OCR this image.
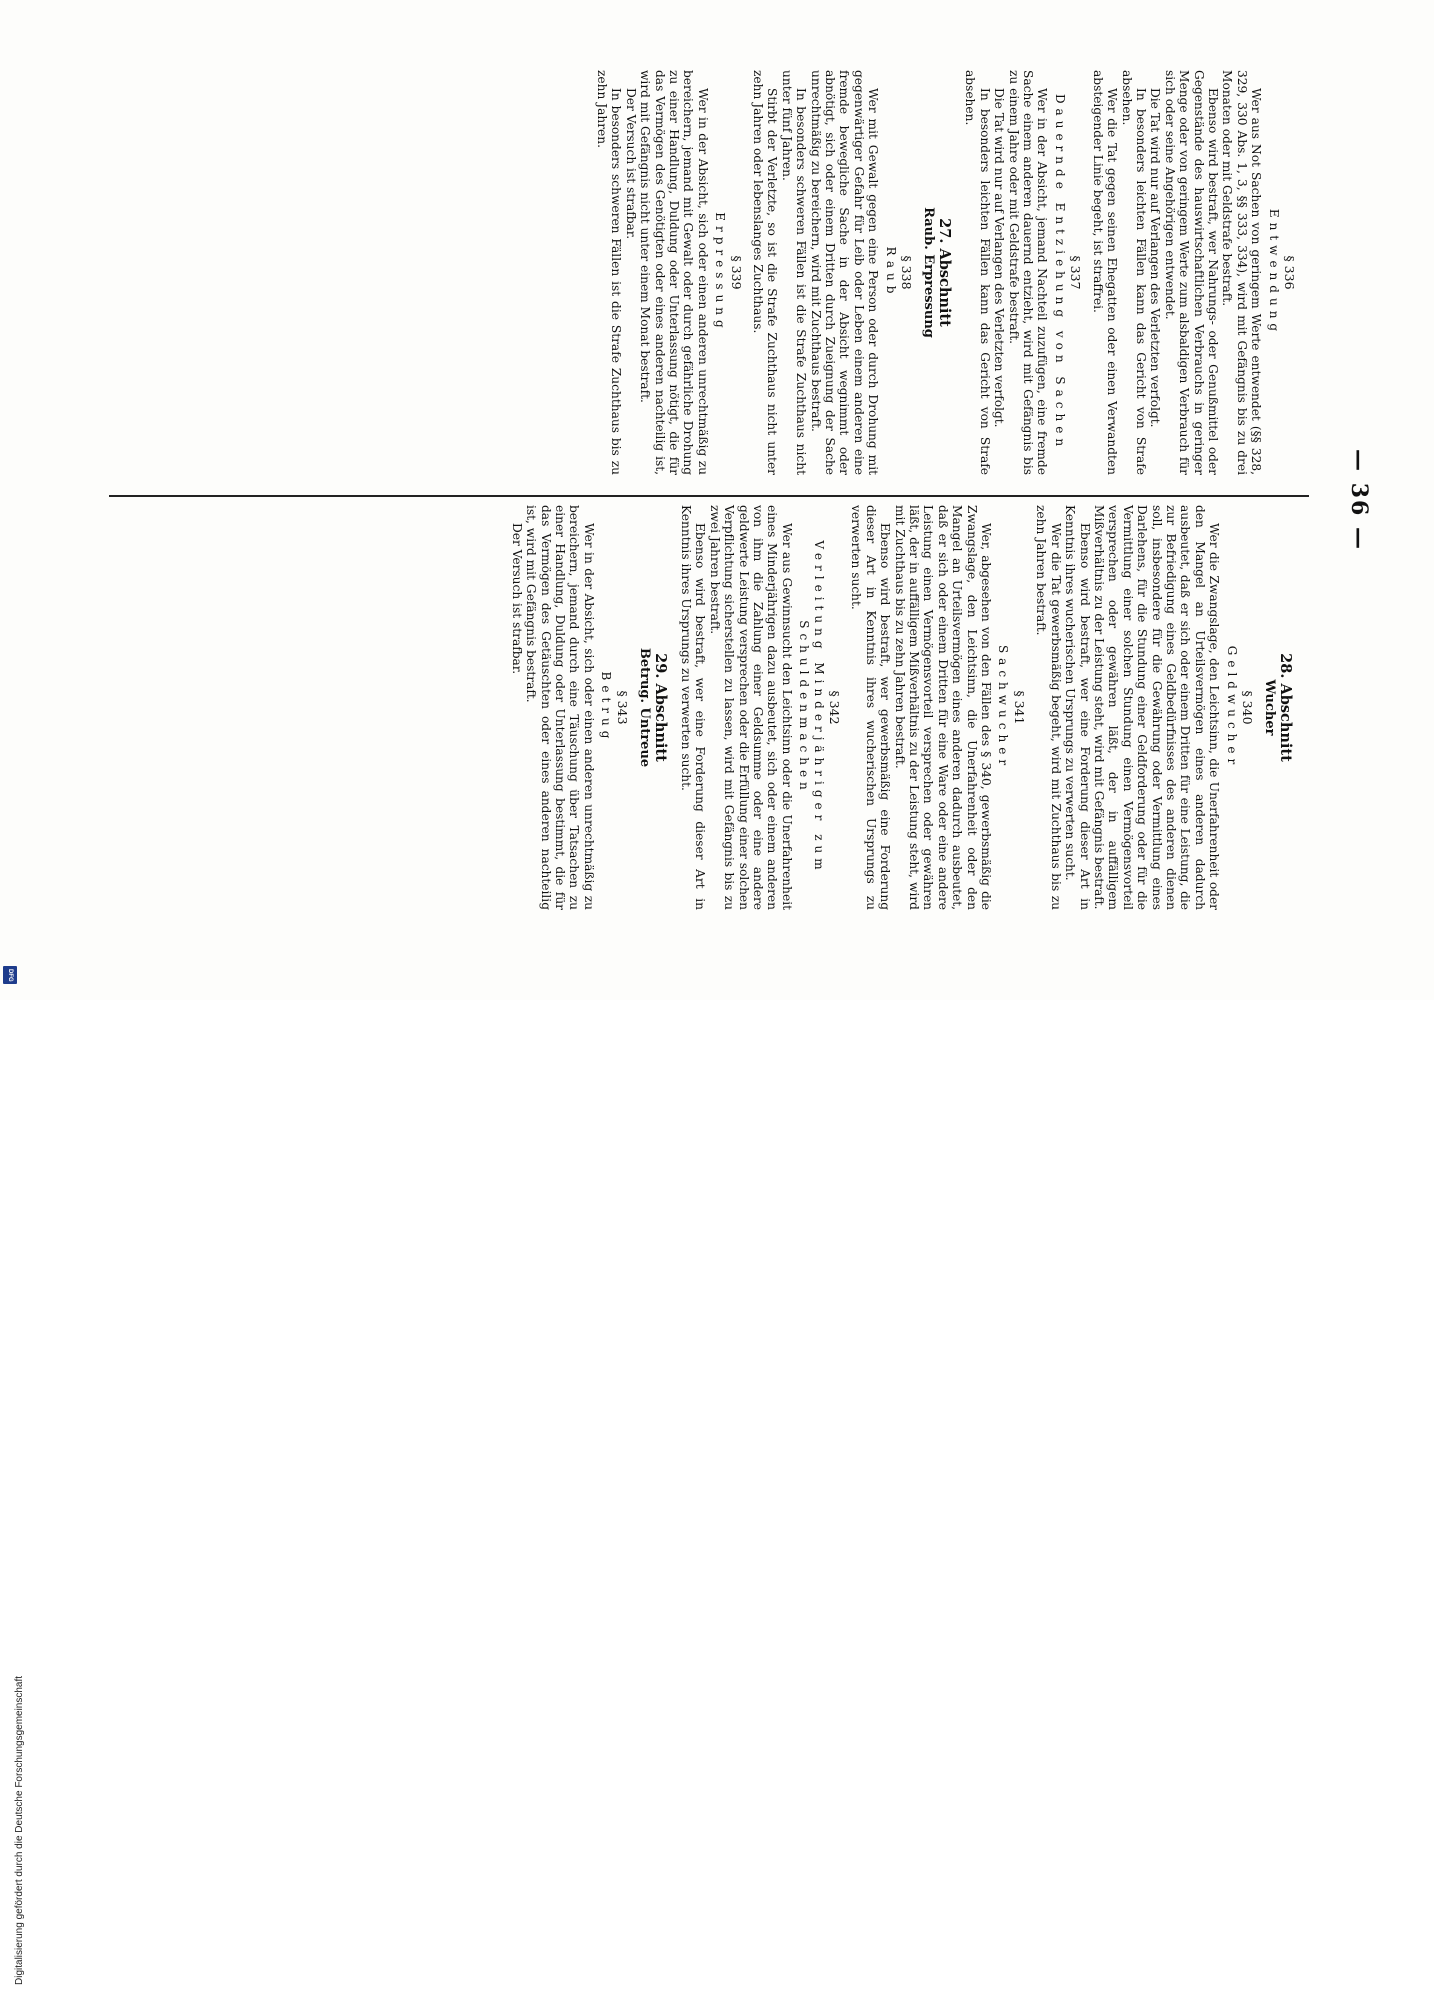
— 36 —
§ 336
Entwendung
Wer aus Not Sachen von geringem Werte entwendet (§§ 328, 329, 330 Abs. 1, 3, §§ 333, 334), wird mit Gefängnis bis zu drei Monaten oder mit Geldstrafe bestraft.
Ebenso wird bestraft, wer Nahrungs- oder Genußmittel oder Gegenstände des hauswirtschaftlichen Verbrauchs in geringer Menge oder von geringem Werte zum alsbaldigen Verbrauch für sich oder seine Angehörigen entwendet.
Die Tat wird nur auf Verlangen des Verletzten verfolgt.
In besonders leichten Fällen kann das Gericht von Strafe absehen.
Wer die Tat gegen seinen Ehegatten oder einen Verwandten absteigender Linie begeht, ist straffrei.
§ 337
Dauernde Entziehung von Sachen
Wer in der Absicht, jemand Nachteil zuzufügen, eine fremde Sache einem anderen dauernd entzieht, wird mit Gefängnis bis zu einem Jahre oder mit Geldstrafe bestraft.
Die Tat wird nur auf Verlangen des Verletzten verfolgt.
In besonders leichten Fällen kann das Gericht von Strafe absehen.
27. Abschnitt
Raub. Erpressung
§ 338
Raub
Wer mit Gewalt gegen eine Person oder durch Drohung mit gegenwärtiger Gefahr für Leib oder Leben einem anderen eine fremde bewegliche Sache in der Absicht wegnimmt oder abnötigt, sich oder einem Dritten durch Zueignung der Sache unrechtmäßig zu bereichern, wird mit Zuchthaus bestraft.
In besonders schweren Fällen ist die Strafe Zuchthaus nicht unter fünf Jahren.
Stirbt der Verletzte, so ist die Strafe Zuchthaus nicht unter zehn Jahren oder lebenslanges Zuchthaus.
§ 339
Erpressung
Wer in der Absicht, sich oder einen anderen unrechtmäßig zu bereichern, jemand mit Gewalt oder durch gefährliche Drohung zu einer Handlung, Duldung oder Unterlassung nötigt, die für das Vermögen des Genötigten oder eines anderen nachteilig ist, wird mit Gefängnis nicht unter einem Monat bestraft.
Der Versuch ist strafbar.
In besonders schweren Fällen ist die Strafe Zuchthaus bis zu zehn Jahren.
28. Abschnitt
Wucher
§ 340
Geldwucher
Wer die Zwangslage, den Leichtsinn, die Unerfahrenheit oder den Mangel an Urteilsvermögen eines anderen dadurch ausbeutet, daß er sich oder einem Dritten für eine Leistung, die zur Befriedigung eines Geldbedürfnisses des anderen dienen soll, insbesondere für die Gewährung oder Vermittlung eines Darlehens, für die Stundung einer Geldforderung oder für die Vermittlung einer solchen Stundung einen Vermögensvorteil versprechen oder gewähren läßt, der in auffälligem Mißverhältnis zu der Leistung steht, wird mit Gefängnis bestraft.
Ebenso wird bestraft, wer eine Forderung dieser Art in Kenntnis ihres wucherischen Ursprungs zu verwerten sucht.
Wer die Tat gewerbsmäßig begeht, wird mit Zuchthaus bis zu zehn Jahren bestraft.
§ 341
Sachwucher
Wer, abgesehen von den Fällen des § 340, gewerbsmäßig die Zwangslage, den Leichtsinn, die Unerfahrenheit oder den Mangel an Urteilsvermögen eines anderen dadurch ausbeutet, daß er sich oder einem Dritten für eine Ware oder eine andere Leistung einen Vermögensvorteil versprechen oder gewähren läßt, der in auffälligem Mißverhältnis zu der Leistung steht, wird mit Zuchthaus bis zu zehn Jahren bestraft.
Ebenso wird bestraft, wer gewerbsmäßig eine Forderung dieser Art in Kenntnis ihres wucherischen Ursprungs zu verwerten sucht.
§ 342
Verleitung Minderjähriger zum Schuldenmachen
Wer aus Gewinnsucht den Leichtsinn oder die Unerfahrenheit eines Minderjährigen dazu ausbeutet, sich oder einem anderen von ihm die Zahlung einer Geldsumme oder eine andere geldwerte Leistung versprechen oder die Erfüllung einer solchen Verpflichtung sicherstellen zu lassen, wird mit Gefängnis bis zu zwei Jahren bestraft.
Ebenso wird bestraft, wer eine Forderung dieser Art in Kenntnis ihres Ursprungs zu verwerten sucht.
29. Abschnitt
Betrug. Untreue
§ 343
Betrug
Wer in der Absicht, sich oder einen anderen unrechtmäßig zu bereichern, jemand durch eine Täuschung über Tatsachen zu einer Handlung, Duldung oder Unterlassung bestimmt, die für das Vermögen des Getäuschten oder eines anderen nachteilig ist, wird mit Gefängnis bestraft.
Der Versuch ist strafbar.
Digitalisierung gefördert durch die Deutsche Forschungsgemeinschaft
DFG
